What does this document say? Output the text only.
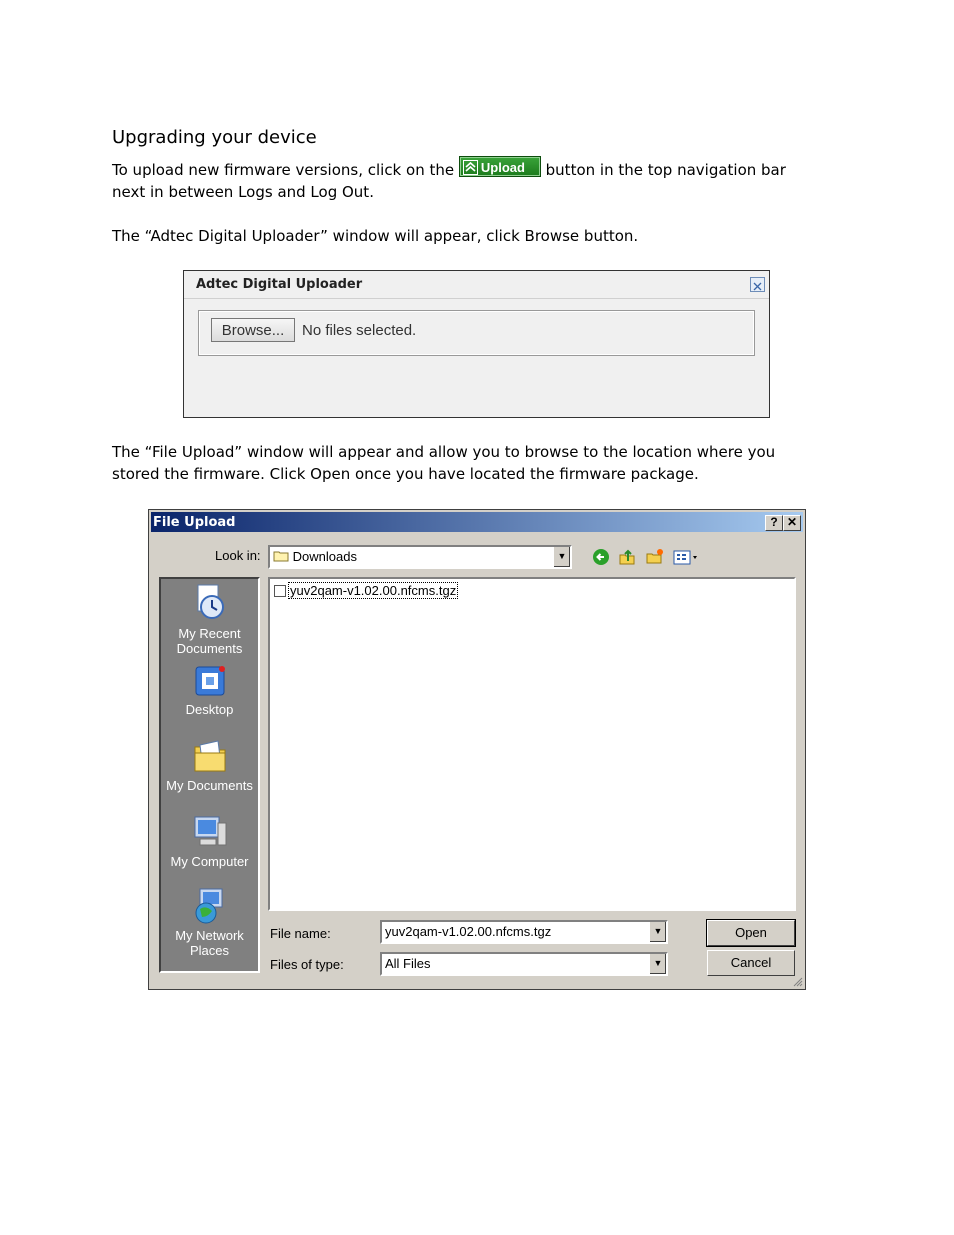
Upgrading your device
To upload new firmware versions, click on the Upload button in the top navigation bar
next in between Logs and Log Out.
The “Adtec Digital Uploader” window will appear, click Browse button.
Adtec Digital Uploader
Browse...	No files selected.
The “File Upload” window will appear and allow you to browse to the location where you
stored the firmware. Click Open once you have located the firmware package.
File Upload	? ✕
Look in:	Downloads	▼
My Recent
Documents
Desktop
My Documents
My Computer
My Network
Places
yuv2qam-v1.02.00.nfcms.tgz
File name:	yuv2qam-v1.02.00.nfcms.tgz	▼
Files of type:	All Files	▼
Open
Cancel
